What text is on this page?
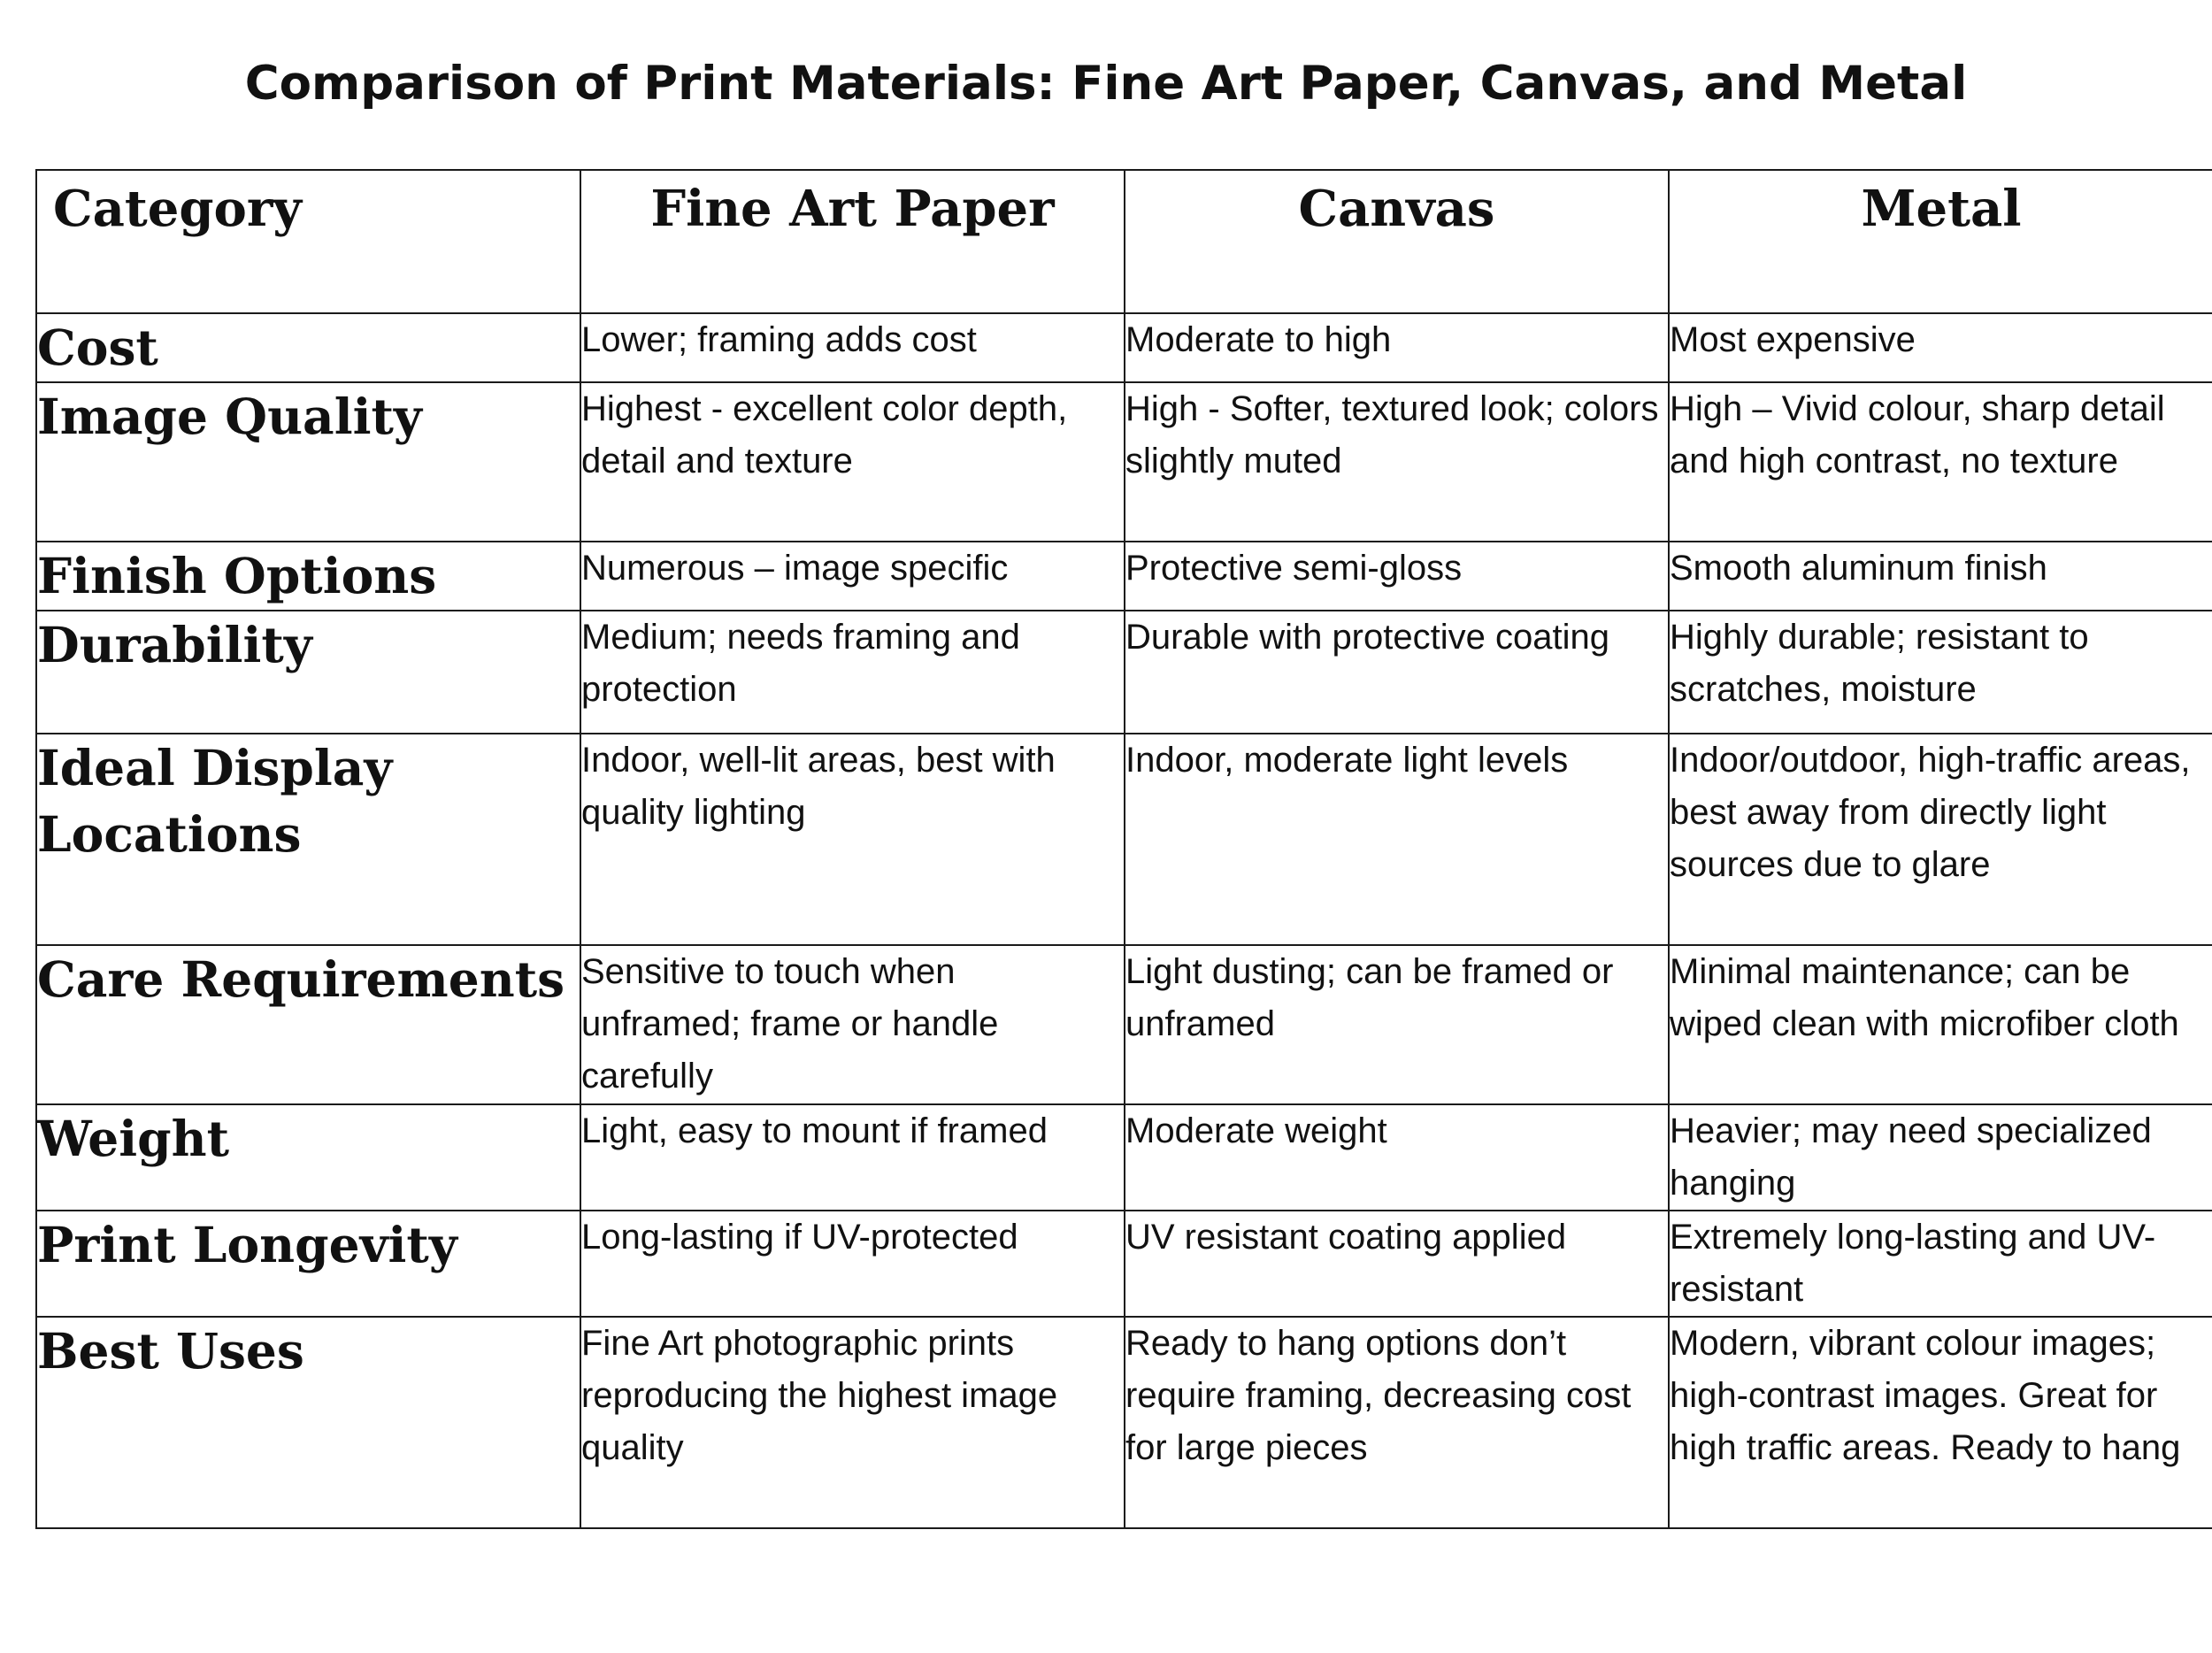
Comparison of Print Materials: Fine Art Paper, Canvas, and Metal
Category	Fine Art Paper	Canvas	Metal
Cost	Lower; framing adds cost	Moderate to high	Most expensive
Image Quality	Highest - excellent color depth, detail and texture	High - Softer, textured look; colors slightly muted	High – Vivid colour, sharp detail and high contrast, no texture
Finish Options	Numerous – image specific	Protective semi-gloss	Smooth aluminum finish
Durability	Medium; needs framing and protection	Durable with protective coating	Highly durable; resistant to scratches, moisture
Ideal Display Locations	Indoor, well-lit areas, best with quality lighting	Indoor, moderate light levels	Indoor/outdoor, high-traffic areas, best away from directly light sources due to glare
Care Requirements	Sensitive to touch when unframed; frame or handle carefully	Light dusting; can be framed or unframed	Minimal maintenance; can be wiped clean with microfiber cloth
Weight	Light, easy to mount if framed	Moderate weight	Heavier; may need specialized hanging
Print Longevity	Long-lasting if UV-protected	UV resistant coating applied	Extremely long-lasting and UV-resistant
Best Uses	Fine Art photographic prints reproducing the highest image quality	Ready to hang options don’t require framing, decreasing cost for large pieces	Modern, vibrant colour images; high-contrast images. Great for high traffic areas. Ready to hang
